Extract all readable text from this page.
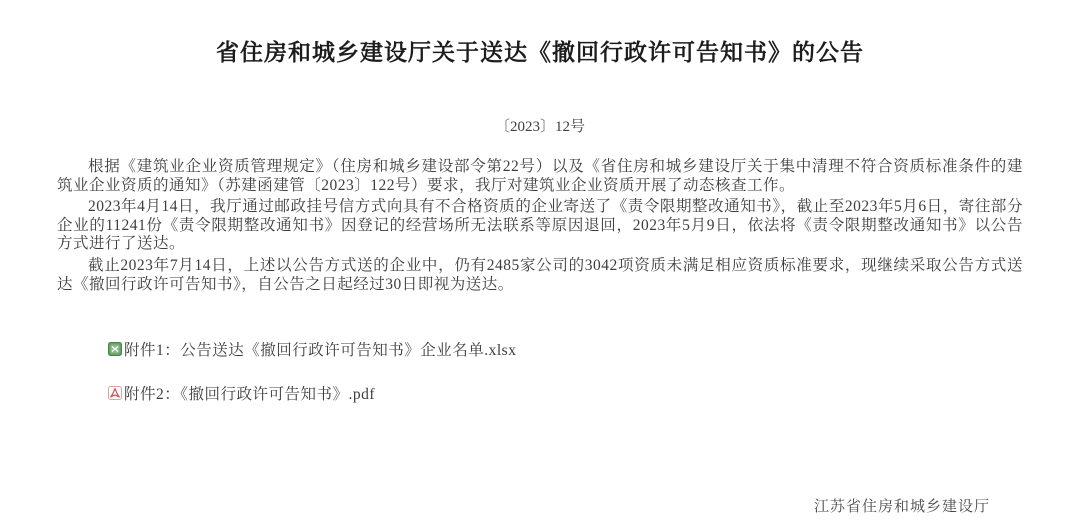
省住房和城乡建设厅关于送达《撤回行政许可告知书》的公告
〔2023〕12号

根据《建筑业企业资质管理规定》（住房和城乡建设部令第22号）以及《省住房和城乡建设厅关于集中清理不符合资质标准条件的建筑业企业资质的通知》（苏建函建管〔2023〕122号）要求，我厅对建筑业企业资质开展了动态核查工作。

2023年4月14日，我厅通过邮政挂号信方式向具有不合格资质的企业寄送了《责令限期整改通知书》，截止至2023年5月6日，寄往部分企业的11241份《责令限期整改通知书》因登记的经营场所无法联系等原因退回，2023年5月9日，依法将《责令限期整改通知书》以公告方式进行了送达。

截止2023年7月14日，上述以公告方式送的企业中，仍有2485家公司的3042项资质未满足相应资质标准要求，现继续采取公告方式送达《撤回行政许可告知书》，自公告之日起经过30日即视为送达。

附件1：公告送达《撤回行政许可告知书》企业名单.xlsx
附件2：《撤回行政许可告知书》.pdf
江苏省住房和城乡建设厅
